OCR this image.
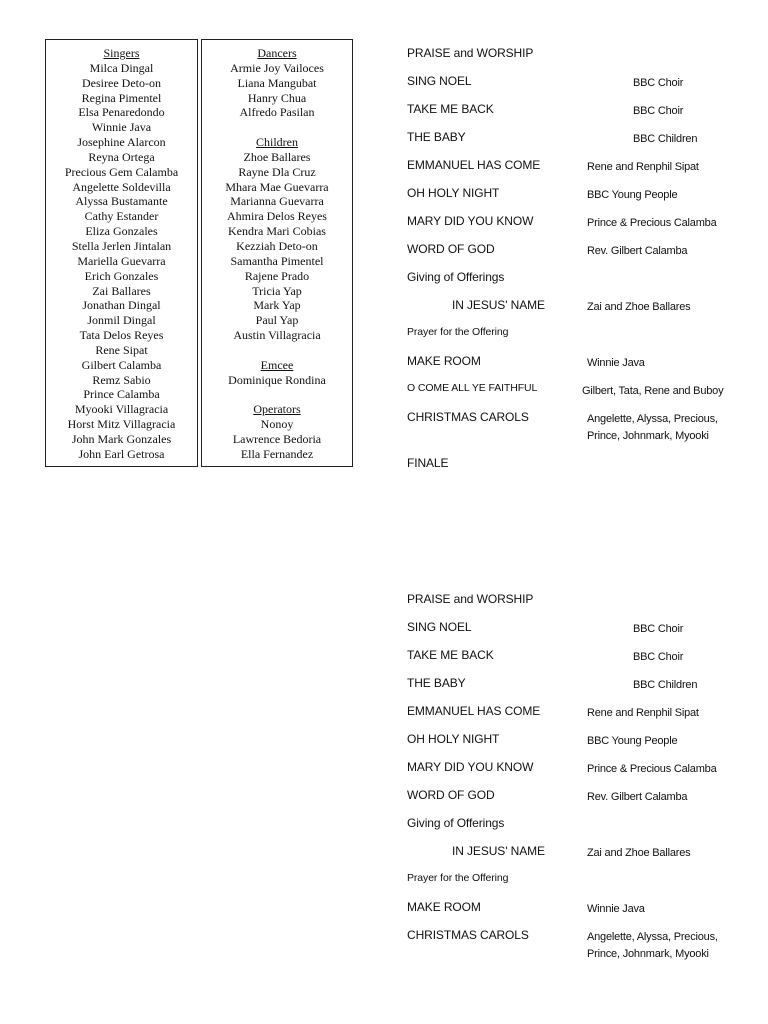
Singers
Milca Dingal
Desiree Deto-on
Regina Pimentel
Elsa Penaredondo
Winnie Java
Josephine Alarcon
Reyna Ortega
Precious Gem Calamba
Angelette Soldevilla
Alyssa Bustamante
Cathy Estander
Eliza Gonzales
Stella Jerlen Jintalan
Mariella Guevarra
Erich Gonzales
Zai Ballares
Jonathan Dingal
Jonmil Dingal
Tata Delos Reyes
Rene Sipat
Gilbert Calamba
Remz Sabio
Prince Calamba
Myooki Villagracia
Horst Mitz Villagracia
John Mark Gonzales
John Earl Getrosa
Dancers
Armie Joy Vailoces
Liana Mangubat
Hanry Chua
Alfredo Pasilan
Children
Zhoe Ballares
Rayne Dla Cruz
Mhara Mae Guevarra
Marianna Guevarra
Ahmira Delos Reyes
Kendra Mari Cobias
Kezziah Deto-on
Samantha Pimentel
Rajene Prado
Tricia Yap
Mark Yap
Paul Yap
Austin Villagracia
Emcee
Dominique Rondina
Operators
Nonoy
Lawrence Bedoria
Ella Fernandez
PRAISE and WORSHIP
SING NOEL	BBC Choir
TAKE ME BACK	BBC Choir
THE BABY	BBC Children
EMMANUEL HAS COME	Rene and Renphil Sipat
OH HOLY NIGHT	BBC Young People
MARY DID YOU KNOW	Prince & Precious Calamba
WORD OF GOD	Rev. Gilbert Calamba
Giving of Offerings
IN JESUS' NAME	Zai and Zhoe Ballares
Prayer for the Offering
MAKE ROOM	Winnie Java
O COME ALL YE FAITHFUL	Gilbert, Tata, Rene and Buboy
CHRISTMAS CAROLS	Angelette, Alyssa, Precious,
Prince, Johnmark, Myooki
FINALE
PRAISE and WORSHIP
SING NOEL	BBC Choir
TAKE ME BACK	BBC Choir
THE BABY	BBC Children
EMMANUEL HAS COME	Rene and Renphil Sipat
OH HOLY NIGHT	BBC Young People
MARY DID YOU KNOW	Prince & Precious Calamba
WORD OF GOD	Rev. Gilbert Calamba
Giving of Offerings
IN JESUS' NAME	Zai and Zhoe Ballares
Prayer for the Offering
MAKE ROOM	Winnie Java
CHRISTMAS CAROLS	Angelette, Alyssa, Precious,
Prince, Johnmark, Myooki
